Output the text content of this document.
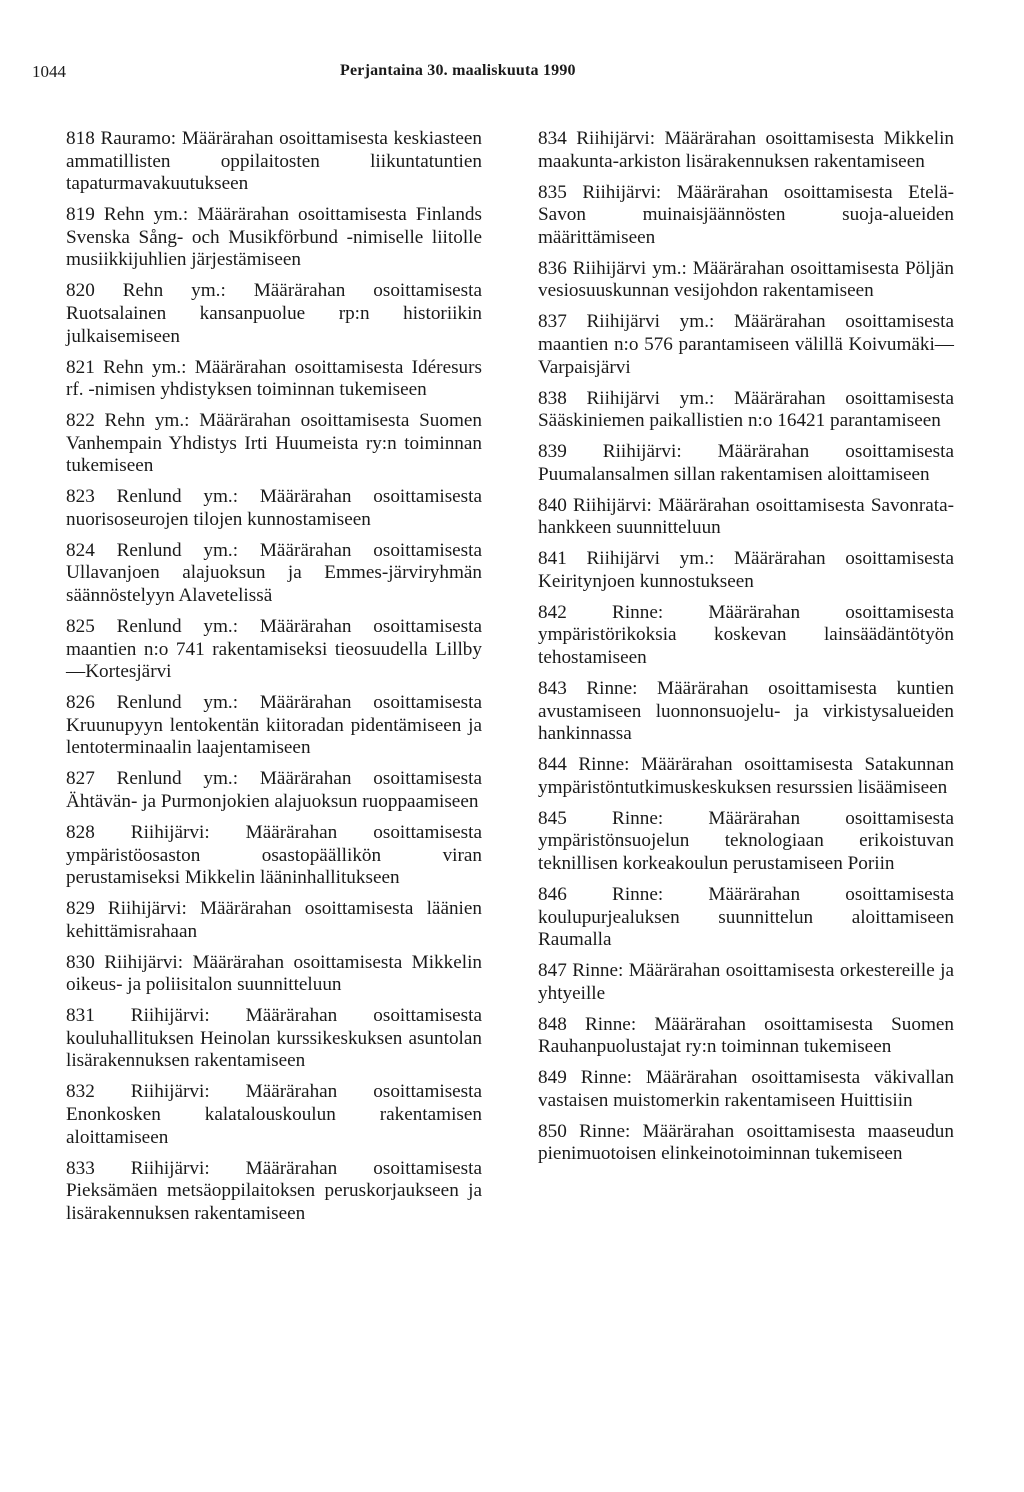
1044	Perjantaina 30. maaliskuuta 1990

818 Rauramo: Määrärahan osoittamisesta keskiasteen ammatillisten oppilaitosten liikuntatuntien tapaturmavakuutukseen

819 Rehn ym.: Määrärahan osoittamisesta Finlands Svenska Sång- och Musikförbund -nimiselle liitolle musiikkijuhlien järjestämiseen

820 Rehn ym.: Määrärahan osoittamisesta Ruotsalainen kansanpuolue rp:n historiikin julkaisemiseen

821 Rehn ym.: Määrärahan osoittamisesta Idéresurs rf. -nimisen yhdistyksen toiminnan tukemiseen

822 Rehn ym.: Määrärahan osoittamisesta Suomen Vanhempain Yhdistys Irti Huumeista ry:n toiminnan tukemiseen

823 Renlund ym.: Määrärahan osoittamisesta nuorisoseurojen tilojen kunnostamiseen

824 Renlund ym.: Määrärahan osoittamisesta Ullavanjoen alajuoksun ja Emmes-järviryhmän säännöstelyyn Alavetelissä

825 Renlund ym.: Määrärahan osoittamisesta maantien n:o 741 rakentamiseksi tieosuudella Lillby—Kortesjärvi

826 Renlund ym.: Määrärahan osoittamisesta Kruunupyyn lentokentän kiitoradan pidentämiseen ja lentoterminaalin laajentamiseen

827 Renlund ym.: Määrärahan osoittamisesta Ähtävän- ja Purmonjokien alajuoksun ruoppaamiseen

828 Riihijärvi: Määrärahan osoittamisesta ympäristöosaston osastopäällikön viran perustamiseksi Mikkelin lääninhallitukseen

829 Riihijärvi: Määrärahan osoittamisesta läänien kehittämisrahaan

830 Riihijärvi: Määrärahan osoittamisesta Mikkelin oikeus- ja poliisitalon suunnitteluun

831 Riihijärvi: Määrärahan osoittamisesta kouluhallituksen Heinolan kurssikeskuksen asuntolan lisärakennuksen rakentamiseen

832 Riihijärvi: Määrärahan osoittamisesta Enonkosken kalatalouskoulun rakentamisen aloittamiseen

833 Riihijärvi: Määrärahan osoittamisesta Pieksämäen metsäoppilaitoksen peruskorjaukseen ja lisärakennuksen rakentamiseen

834 Riihijärvi: Määrärahan osoittamisesta Mikkelin maakunta-arkiston lisärakennuksen rakentamiseen

835 Riihijärvi: Määrärahan osoittamisesta Etelä-Savon muinaisjäännösten suoja-alueiden määrittämiseen

836 Riihijärvi ym.: Määrärahan osoittamisesta Pöljän vesiosuuskunnan vesijohdon rakentamiseen

837 Riihijärvi ym.: Määrärahan osoittamisesta maantien n:o 576 parantamiseen välillä Koivumäki—Varpaisjärvi

838 Riihijärvi ym.: Määrärahan osoittamisesta Sääskiniemen paikallistien n:o 16421 parantamiseen

839 Riihijärvi: Määrärahan osoittamisesta Puumalansalmen sillan rakentamisen aloittamiseen

840 Riihijärvi: Määrärahan osoittamisesta Savonrata-hankkeen suunnitteluun

841 Riihijärvi ym.: Määrärahan osoittamisesta Keiritynjoen kunnostukseen

842 Rinne: Määrärahan osoittamisesta ympäristörikoksia koskevan lainsäädäntötyön tehostamiseen

843 Rinne: Määrärahan osoittamisesta kuntien avustamiseen luonnonsuojelu- ja virkistysalueiden hankinnassa

844 Rinne: Määrärahan osoittamisesta Satakunnan ympäristöntutkimuskeskuksen resurssien lisäämiseen

845 Rinne: Määrärahan osoittamisesta ympäristönsuojelun teknologiaan erikoistuvan teknillisen korkeakoulun perustamiseen Poriin

846 Rinne: Määrärahan osoittamisesta koulupurjealuksen suunnittelun aloittamiseen Raumalla

847 Rinne: Määrärahan osoittamisesta orkestereille ja yhtyeille

848 Rinne: Määrärahan osoittamisesta Suomen Rauhanpuolustajat ry:n toiminnan tukemiseen

849 Rinne: Määrärahan osoittamisesta väkivallan vastaisen muistomerkin rakentamiseen Huittisiin

850 Rinne: Määrärahan osoittamisesta maaseudun pienimuotoisen elinkeinotoiminnan tukemiseen
